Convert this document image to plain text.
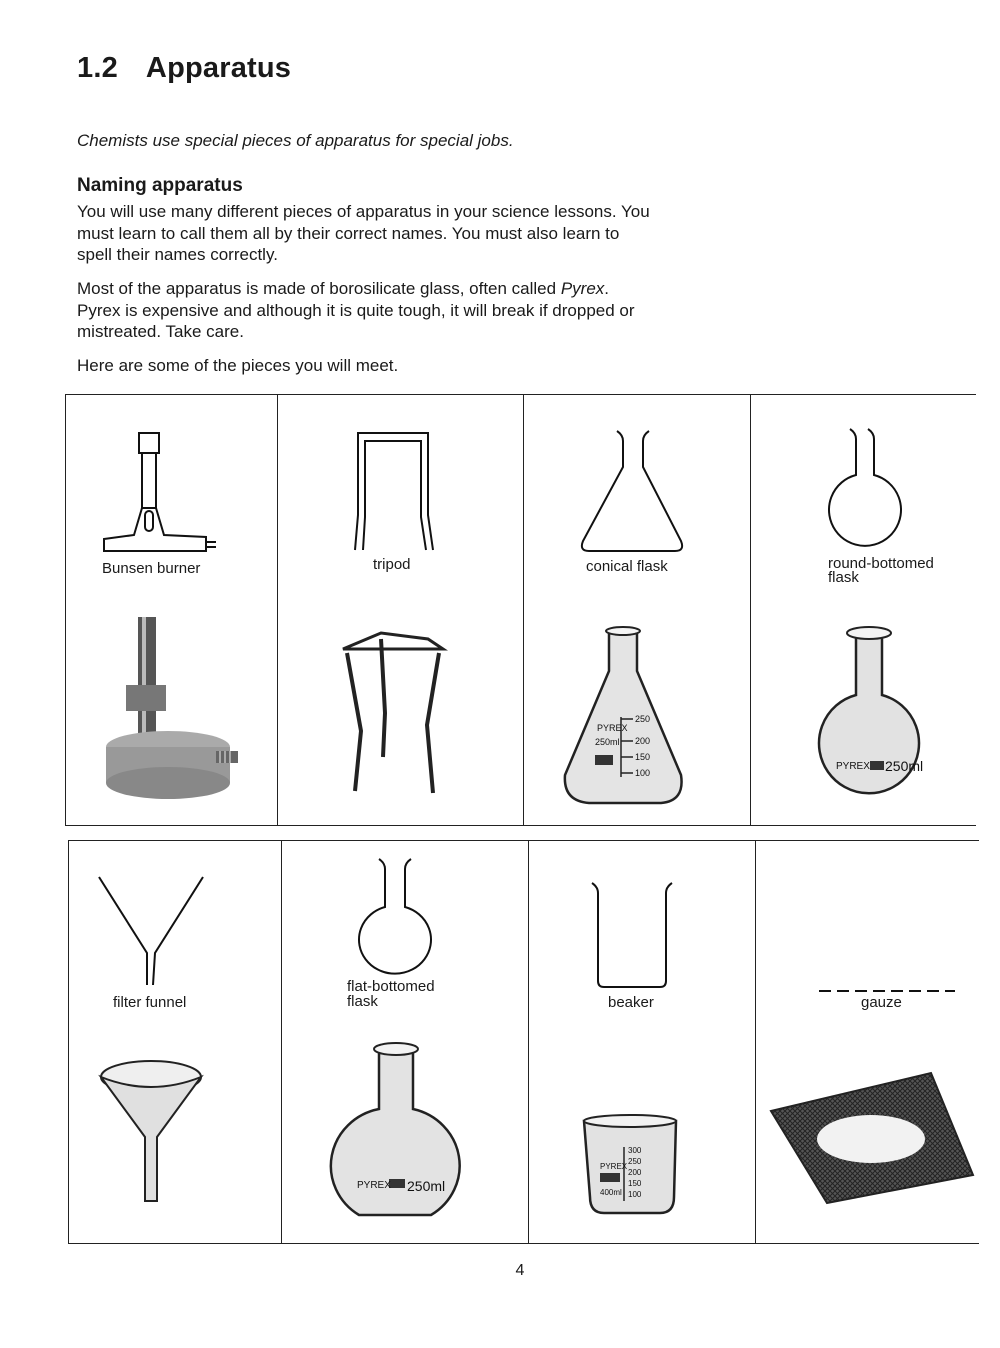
1.2 Apparatus
Chemists use special pieces of apparatus for special jobs.
Naming apparatus
You will use many different pieces of apparatus in your science lessons. You must learn to call them all by their correct names. You must also learn to spell their names correctly.
Most of the apparatus is made of borosilicate glass, often called Pyrex. Pyrex is expensive and although it is quite tough, it will break if dropped or mistreated. Take care.
Here are some of the pieces you will meet.
Bunsen burner	tripod
PYREX
250ml
250
200
150
100
conical flask
PYREX 250ml
round-bottomed
flask
filter funnel
PYREX 250ml
flat-bottomed
flask
PYREX
400ml
300
250
200
150
100
beaker	gauze
4
